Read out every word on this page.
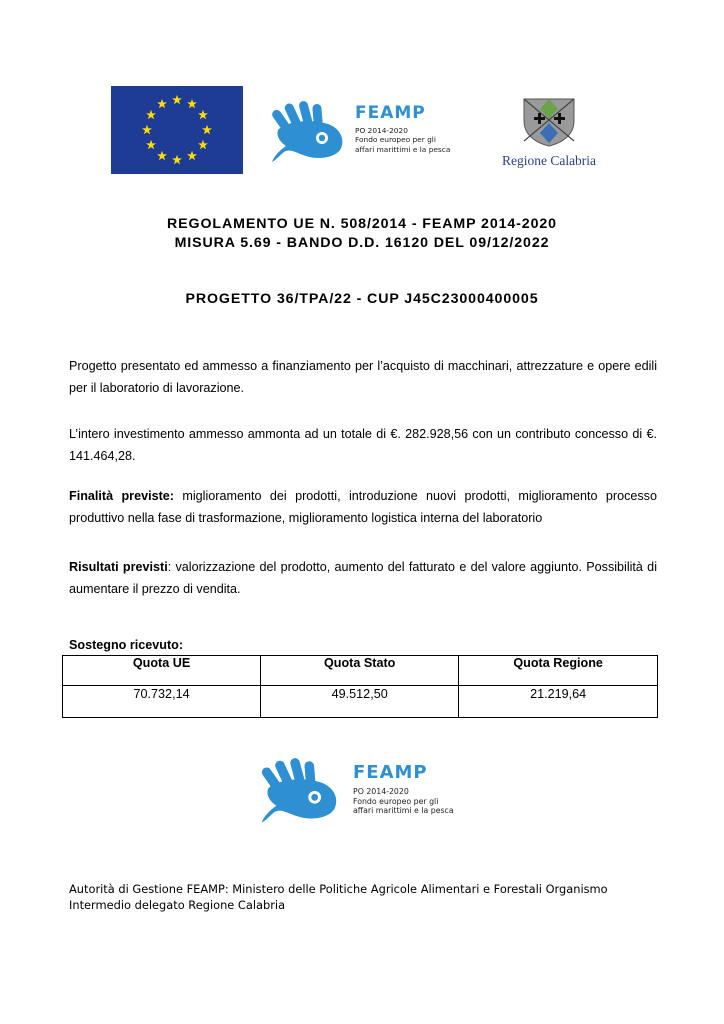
FEAMP
PO 2014-2020
Fondo europeo per gli
affari marittimi e la pesca
Regione Calabria
REGOLAMENTO UE N. 508/2014 - FEAMP 2014-2020
MISURA 5.69 - BANDO D.D. 16120 DEL 09/12/2022
PROGETTO 36/TPA/22 - CUP J45C23000400005
Progetto presentato ed ammesso a finanziamento per l’acquisto di macchinari, attrezzature e opere edili per il laboratorio di lavorazione.
L’intero investimento ammesso ammonta ad un totale di €. 282.928,56 con un contributo concesso di €. 141.464,28.
Finalità previste: miglioramento dei prodotti, introduzione nuovi prodotti, miglioramento processo produttivo nella fase di trasformazione, miglioramento logistica interna del laboratorio
Risultati previsti: valorizzazione del prodotto, aumento del fatturato e del valore aggiunto. Possibilità di aumentare il prezzo di vendita.
Sostegno ricevuto:
Quota UE	Quota Stato	Quota Regione
70.732,14	49.512,50	21.219,64
FEAMP
PO 2014-2020
Fondo europeo per gli
affari marittimi e la pesca
Autorità di Gestione FEAMP: Ministero delle Politiche Agricole Alimentari e Forestali Organismo Intermedio delegato Regione Calabria
